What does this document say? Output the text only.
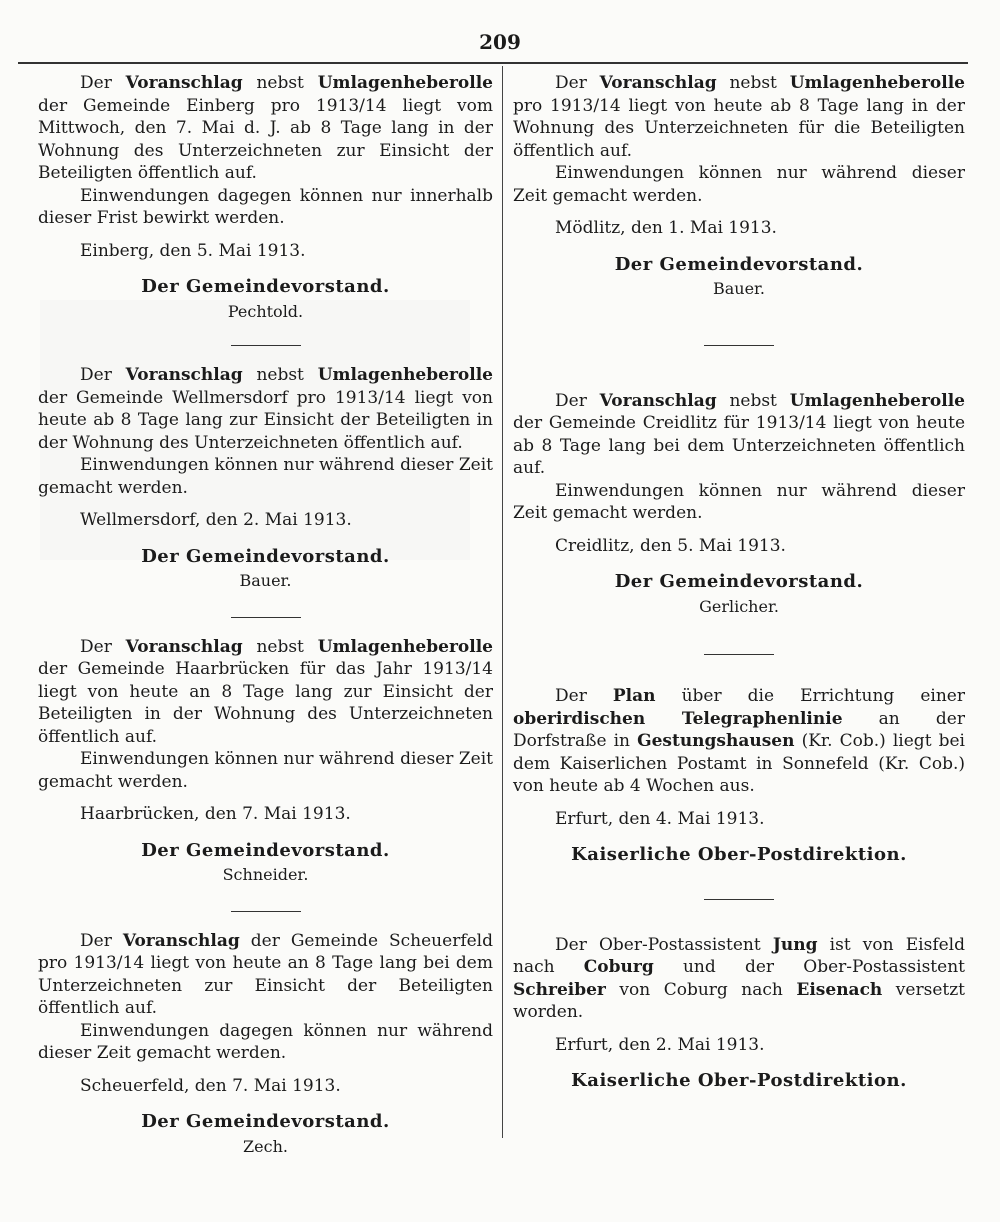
209

Der Voranschlag nebst Umlagenheberolle der Gemeinde Einberg pro 1913/14 liegt vom Mittwoch, den 7. Mai d. J. ab 8 Tage lang in der Wohnung des Unterzeichneten zur Einsicht der Beteiligten öffentlich auf.

Einwendungen dagegen können nur innerhalb dieser Frist bewirkt werden.

Einberg, den 5. Mai 1913.

Der Gemeindevorstand.

Pechtold.

Der Voranschlag nebst Umlagenheberolle der Gemeinde Wellmersdorf pro 1913/14 liegt von heute ab 8 Tage lang zur Einsicht der Beteiligten in der Wohnung des Unterzeichneten öffentlich auf.

Einwendungen können nur während dieser Zeit gemacht werden.

Wellmersdorf, den 2. Mai 1913.

Der Gemeindevorstand.

Bauer.

Der Voranschlag nebst Umlagenheberolle der Gemeinde Haarbrücken für das Jahr 1913/14 liegt von heute an 8 Tage lang zur Einsicht der Beteiligten in der Wohnung des Unterzeichneten öffentlich auf.

Einwendungen können nur während dieser Zeit gemacht werden.

Haarbrücken, den 7. Mai 1913.

Der Gemeindevorstand.

Schneider.

Der Voranschlag der Gemeinde Scheuerfeld pro 1913/14 liegt von heute an 8 Tage lang bei dem Unterzeichneten zur Einsicht der Beteiligten öffentlich auf.

Einwendungen dagegen können nur während dieser Zeit gemacht werden.

Scheuerfeld, den 7. Mai 1913.

Der Gemeindevorstand.

Zech.

Der Voranschlag nebst Umlagenheberolle pro 1913/14 liegt von heute ab 8 Tage lang in der Wohnung des Unterzeichneten für die Beteiligten öffentlich auf.

Einwendungen können nur während dieser Zeit gemacht werden.

Mödlitz, den 1. Mai 1913.

Der Gemeindevorstand.

Bauer.

Der Voranschlag nebst Umlagenheberolle der Gemeinde Creidlitz für 1913/14 liegt von heute ab 8 Tage lang bei dem Unterzeichneten öffentlich auf.

Einwendungen können nur während dieser Zeit gemacht werden.

Creidlitz, den 5. Mai 1913.

Der Gemeindevorstand.

Gerlicher.

Der Plan über die Errichtung einer oberirdischen Telegraphenlinie an der Dorfstraße in Gestungshausen (Kr. Cob.) liegt bei dem Kaiserlichen Postamt in Sonnefeld (Kr. Cob.) von heute ab 4 Wochen aus.

Erfurt, den 4. Mai 1913.

Kaiserliche Ober-Postdirektion.

Der Ober-Postassistent Jung ist von Eisfeld nach Coburg und der Ober-Postassistent Schreiber von Coburg nach Eisenach versetzt worden.

Erfurt, den 2. Mai 1913.

Kaiserliche Ober-Postdirektion.
